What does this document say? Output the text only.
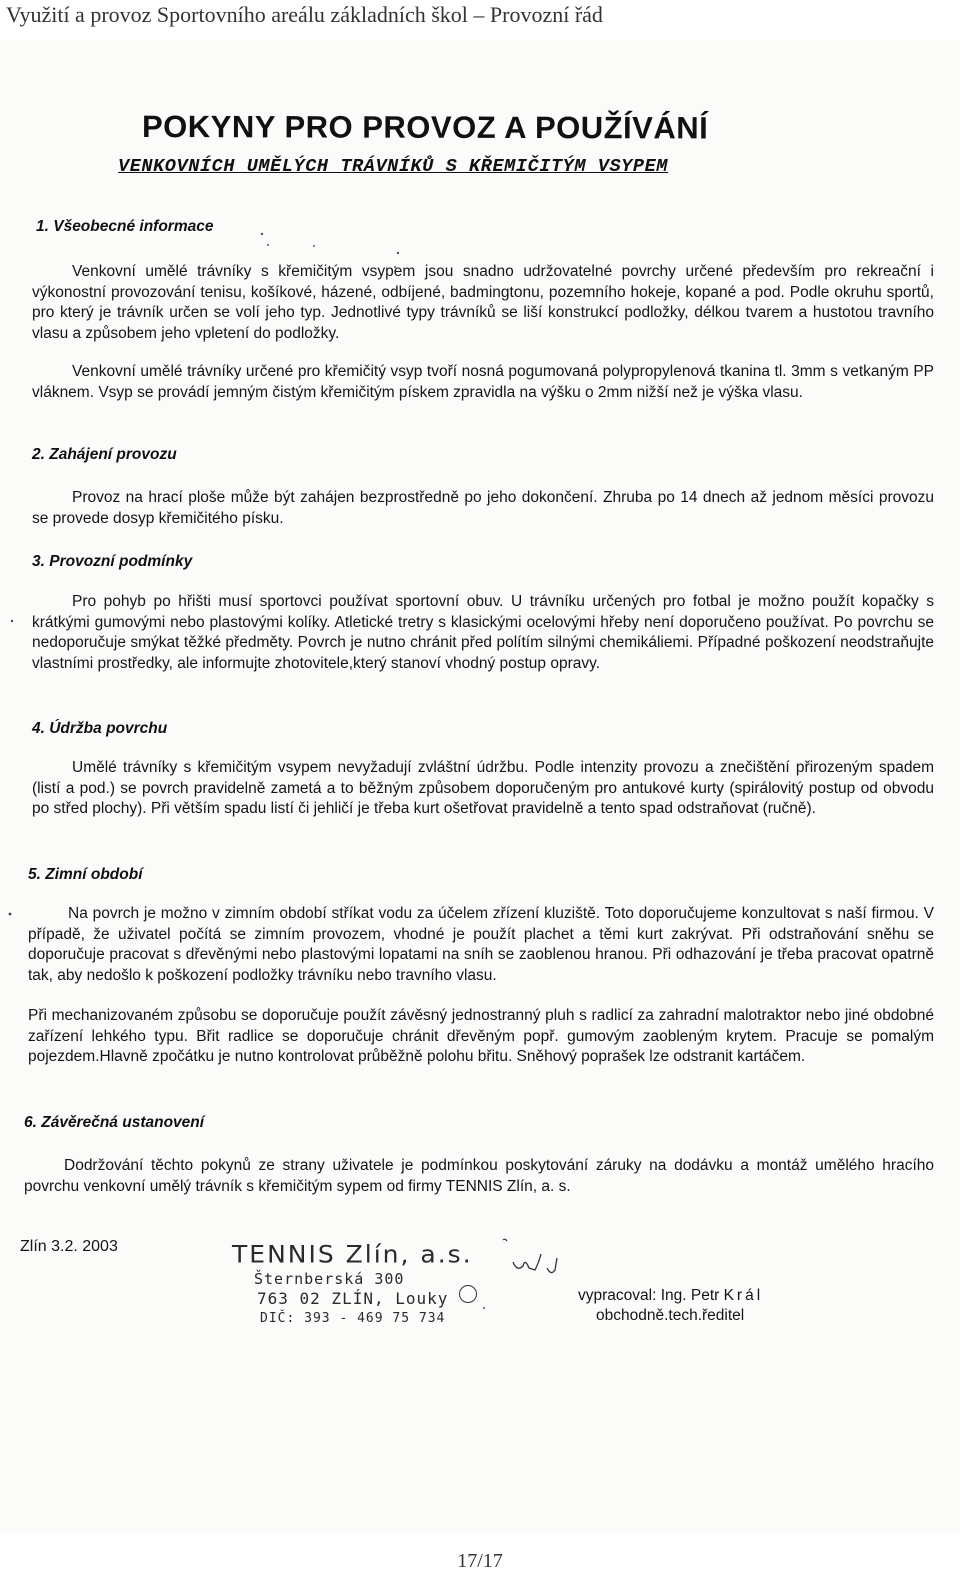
Využití a provoz Sportovního areálu základních škol – Provozní řád
POKYNY PRO PROVOZ A POUŽÍVÁNÍ
VENKOVNÍCH UMĚLÝCH TRÁVNÍKŮ S KŘEMIČITÝM VSYPEM
1. Všeobecné informace

Venkovní umělé trávníky s křemičitým vsypem jsou snadno udržovatelné povrchy určené především pro rekreační i výkonostní provozování tenisu, košíkové, házené, odbíjené, badmingtonu, pozemního hokeje, kopané a pod. Podle okruhu sportů, pro který je trávník určen se volí jeho typ. Jednotlivé typy trávníků se liší konstrukcí podložky, délkou tvarem a hustotou travního vlasu a způsobem jeho vpletení do podložky.

Venkovní umělé trávníky určené pro křemičitý vsyp tvoří nosná pogumovaná polypropylenová tkanina tl. 3mm s vetkaným PP vláknem. Vsyp se provádí jemným čistým křemičitým pískem zpravidla na výšku o 2mm nižší než je výška vlasu.

2. Zahájení provozu

Provoz na hrací ploše může být zahájen bezprostředně po jeho dokončení. Zhruba po 14 dnech až jednom měsíci provozu se provede dosyp křemičitého písku.

3. Provozní podmínky

Pro pohyb po hřišti musí sportovci používat sportovní obuv. U trávníku určených pro fotbal je možno použít kopačky s krátkými gumovými nebo plastovými kolíky. Atletické tretry s klasickými ocelovými hřeby není doporučeno používat. Po povrchu se nedoporučuje smýkat těžké předměty. Povrch je nutno chránit před polítím silnými chemikáliemi. Případné poškození neodstraňujte vlastními prostředky, ale informujte zhotovitele,který stanoví vhodný postup opravy.

4. Údržba povrchu

Umělé trávníky s křemičitým vsypem nevyžadují zvláštní údržbu. Podle intenzity provozu a znečištění přirozeným spadem (listí a pod.) se povrch pravidelně zametá a to běžným způsobem doporučeným pro antukové kurty (spirálovitý postup od obvodu po střed plochy). Při větším spadu listí či jehličí je třeba kurt ošetřovat pravidelně a tento spad odstraňovat (ručně).

5. Zimní období

Na povrch je možno v zimním období stříkat vodu za účelem zřízení kluziště. Toto doporučujeme konzultovat s naší firmou. V případě, že uživatel počítá se zimním provozem, vhodné je použít plachet a těmi kurt zakrývat. Při odstraňování sněhu se doporučuje pracovat s dřevěnými nebo plastovými lopatami na sníh se zaoblenou hranou. Při odhazování je třeba pracovat opatrně tak, aby nedošlo k poškození podložky trávníku nebo travního vlasu.

Při mechanizovaném způsobu se doporučuje použít závěsný jednostranný pluh s radlicí za zahradní malotraktor nebo jiné obdobné zařízení lehkého typu. Břit radlice se doporučuje chránit dřevěným popř. gumovým zaobleným krytem. Pracuje se pomalým pojezdem.Hlavně zpočátku je nutno kontrolovat průběžně polohu břitu. Sněhový poprašek lze odstranit kartáčem.

6. Závěrečná ustanovení

Dodržování těchto pokynů ze strany uživatele je podmínkou poskytování záruky na dodávku a montáž umělého hracího povrchu venkovní umělý trávník s křemičitým sypem od firmy TENNIS Zlín, a. s.

Zlín 3.2. 2003	TENNIS Zlín, a.s.
Šternberská 300
763 02 ZLÍN, Louky
DIČ: 393 - 469 75 734
vypracoval: Ing. Petr Král
obchodně.tech.ředitel
17/17
